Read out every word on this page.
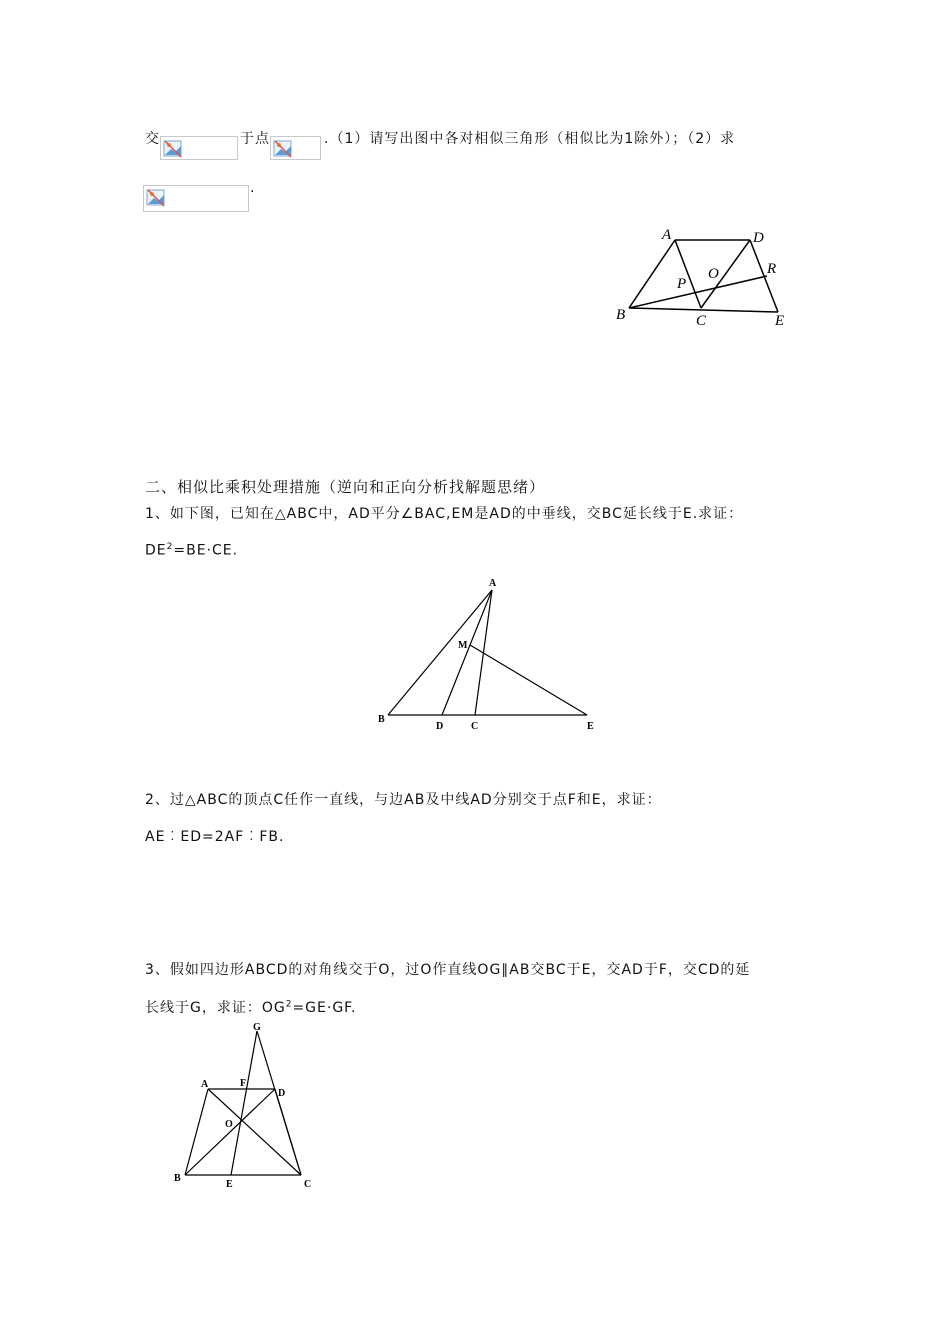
交	于点	.（1）请写出图中各对相似三角形（相似比为1除外）；（2）求
.
A	D
O	R
P
B	C	E
二、相似比乘积处理措施（逆向和正向分析找解题思绪）
1、如下图，已知在△ABC中，AD平分∠BAC,EM是AD的中垂线，交BC延长线于E.求证：
$DE^2=BE\cdot CE$.
A
M
B
D	C	E
2、过△ABC的顶点C任作一直线，与边AB及中线AD分别交于点F和E，求证：
AE︰ED=2AF︰FB.
3、假如四边形ABCD的对角线交于O，过O作直线OG∥AB交BC于E，交AD于F，交CD的延
长线于G，求证：$OG^2=GE\cdot GF$.
G
A	F
D
O
B
E	C
